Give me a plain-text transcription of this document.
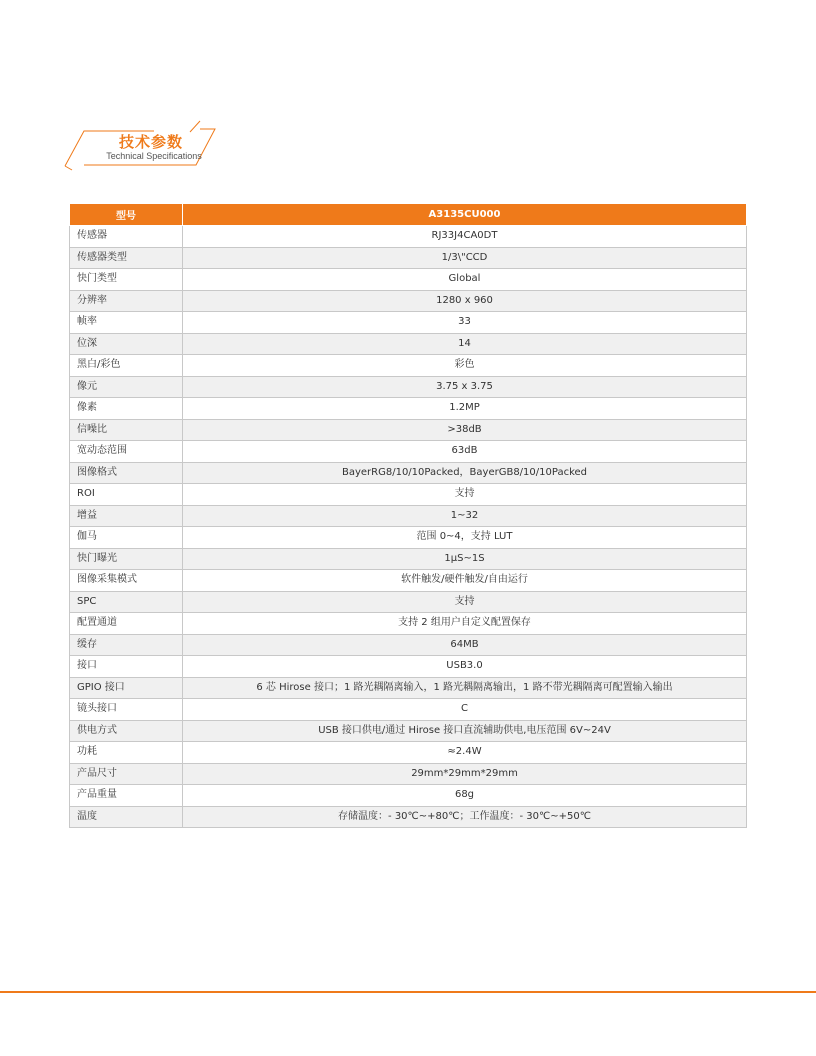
技术参数
Technical Specifications
型号	A3135CU000
传感器	RJ33J4CA0DT
传感器类型	1/3\"CCD
快门类型	Global
分辨率	1280 x 960
帧率	33
位深	14
黑白/彩色	彩色
像元	3.75 x 3.75
像素	1.2MP
信噪比	>38dB
宽动态范围	63dB
图像格式	BayerRG8/10/10Packed，BayerGB8/10/10Packed
ROI	支持
增益	1~32
伽马	范围 0~4，支持 LUT
快门曝光	1μS~1S
图像采集模式	软件触发/硬件触发/自由运行
SPC	支持
配置通道	支持 2 组用户自定义配置保存
缓存	64MB
接口	USB3.0
GPIO 接口	6 芯 Hirose 接口；1 路光耦隔离输入，1 路光耦隔离输出，1 路不带光耦隔离可配置输入输出
镜头接口	C
供电方式	USB 接口供电/通过 Hirose 接口直流辅助供电,电压范围 6V~24V
功耗	≈2.4W
产品尺寸	29mm*29mm*29mm
产品重量	68g
温度	存储温度：- 30℃~+80℃；工作温度：- 30℃~+50℃
